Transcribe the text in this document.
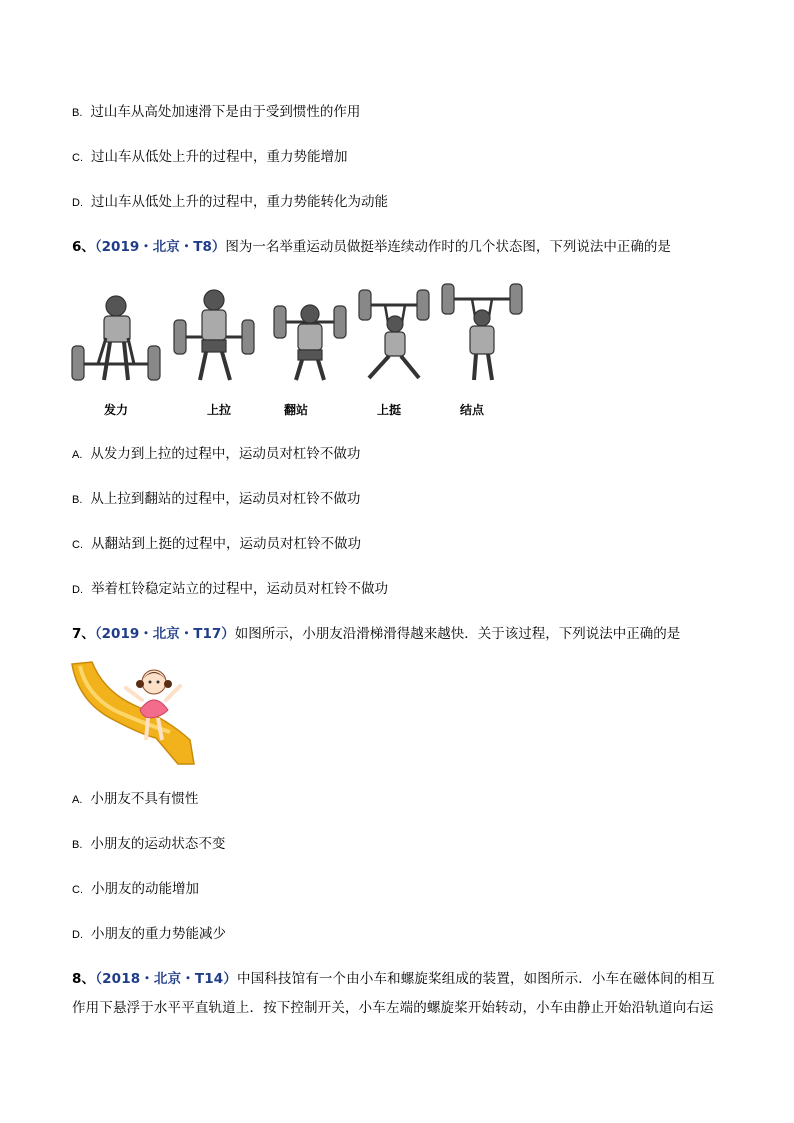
B. 过山车从高处加速滑下是由于受到惯性的作用
C. 过山车从低处上升的过程中，重力势能增加
D. 过山车从低处上升的过程中，重力势能转化为动能
6、（2019・北京・T8）图为一名举重运动员做挺举连续动作时的几个状态图，下列说法中正确的是
发力	上拉	翻站	上挺	结点
A. 从发力到上拉的过程中，运动员对杠铃不做功
B. 从上拉到翻站的过程中，运动员对杠铃不做功
C. 从翻站到上挺的过程中，运动员对杠铃不做功
D. 举着杠铃稳定站立的过程中，运动员对杠铃不做功
7、（2019・北京・T17）如图所示，小朋友沿滑梯滑得越来越快．关于该过程，下列说法中正确的是
A. 小朋友不具有惯性
B. 小朋友的运动状态不变
C. 小朋友的动能增加
D. 小朋友的重力势能减少
8、（2018・北京・T14）中国科技馆有一个由小车和螺旋桨组成的装置，如图所示．小车在磁体间的相互作用下悬浮于水平平直轨道上．按下控制开关，小车左端的螺旋桨开始转动，小车由静止开始沿轨道向右运
